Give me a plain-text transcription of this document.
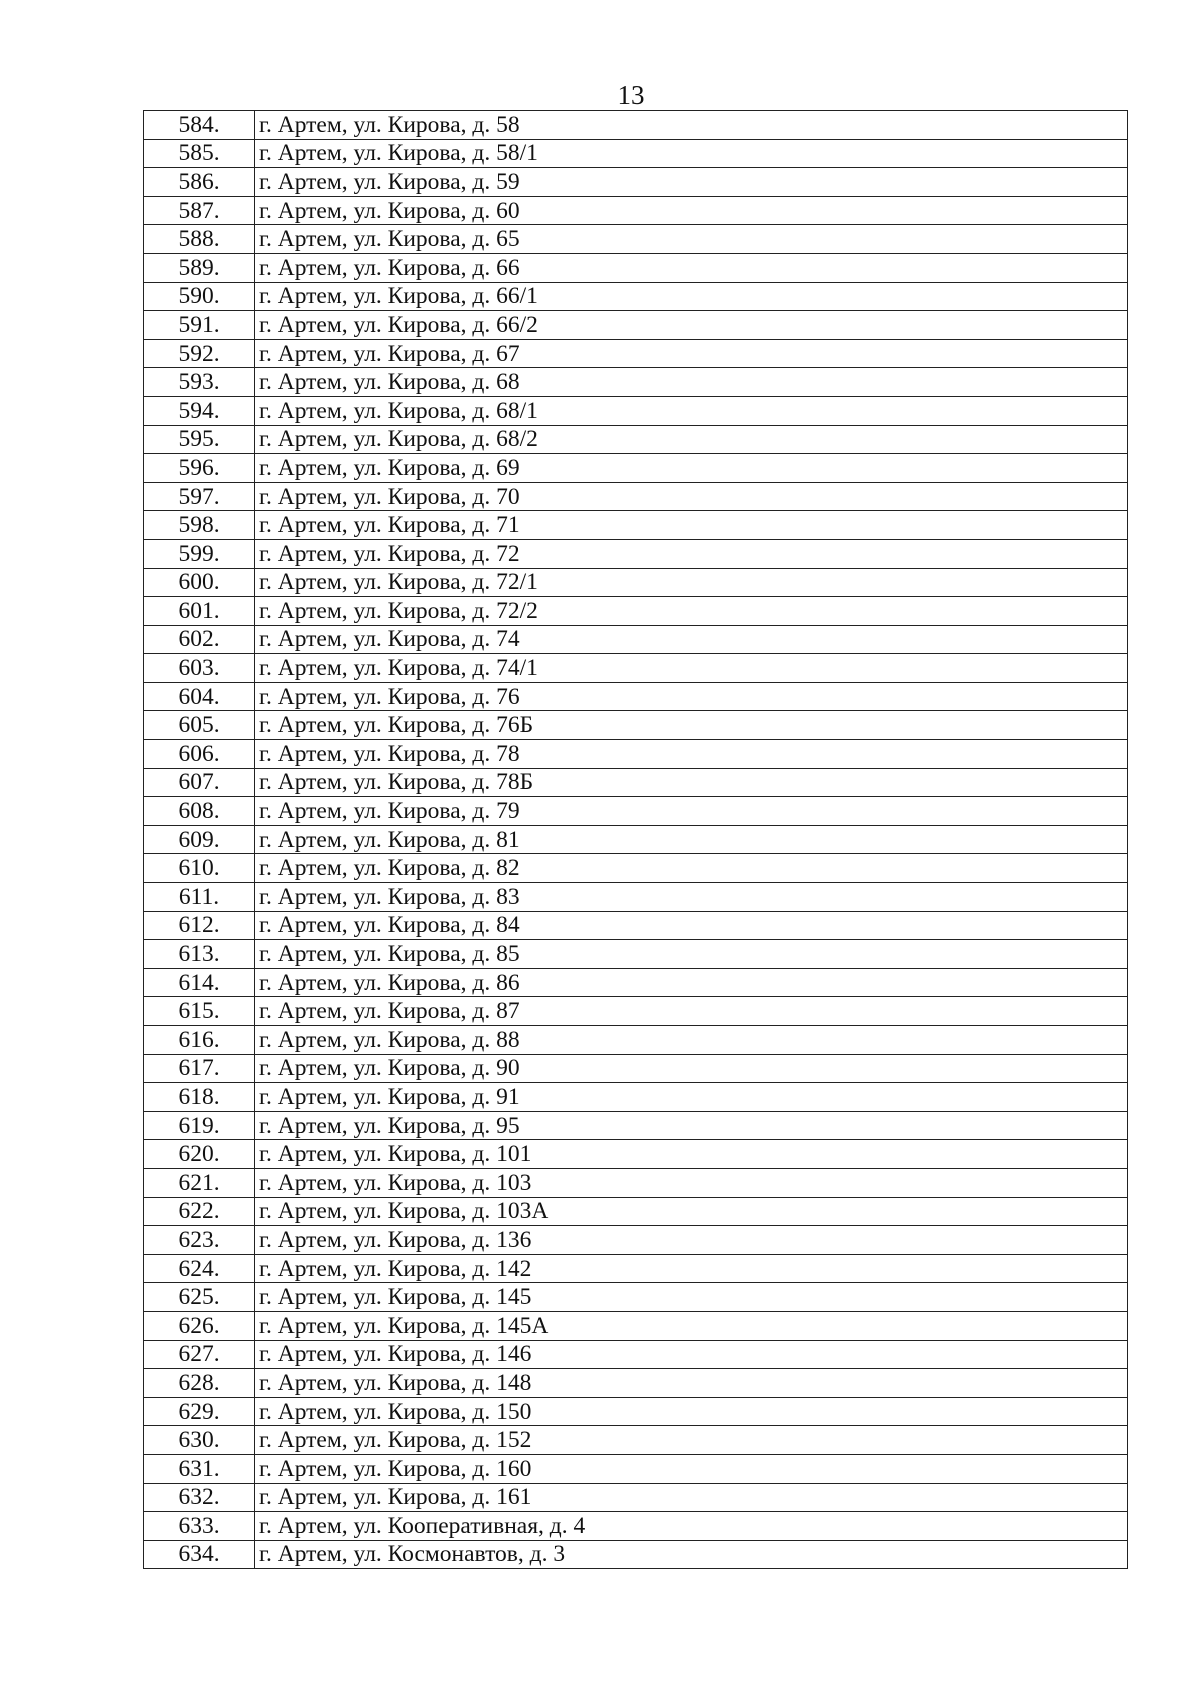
13
584.	г. Артем, ул. Кирова, д. 58
585.	г. Артем, ул. Кирова, д. 58/1
586.	г. Артем, ул. Кирова, д. 59
587.	г. Артем, ул. Кирова, д. 60
588.	г. Артем, ул. Кирова, д. 65
589.	г. Артем, ул. Кирова, д. 66
590.	г. Артем, ул. Кирова, д. 66/1
591.	г. Артем, ул. Кирова, д. 66/2
592.	г. Артем, ул. Кирова, д. 67
593.	г. Артем, ул. Кирова, д. 68
594.	г. Артем, ул. Кирова, д. 68/1
595.	г. Артем, ул. Кирова, д. 68/2
596.	г. Артем, ул. Кирова, д. 69
597.	г. Артем, ул. Кирова, д. 70
598.	г. Артем, ул. Кирова, д. 71
599.	г. Артем, ул. Кирова, д. 72
600.	г. Артем, ул. Кирова, д. 72/1
601.	г. Артем, ул. Кирова, д. 72/2
602.	г. Артем, ул. Кирова, д. 74
603.	г. Артем, ул. Кирова, д. 74/1
604.	г. Артем, ул. Кирова, д. 76
605.	г. Артем, ул. Кирова, д. 76Б
606.	г. Артем, ул. Кирова, д. 78
607.	г. Артем, ул. Кирова, д. 78Б
608.	г. Артем, ул. Кирова, д. 79
609.	г. Артем, ул. Кирова, д. 81
610.	г. Артем, ул. Кирова, д. 82
611.	г. Артем, ул. Кирова, д. 83
612.	г. Артем, ул. Кирова, д. 84
613.	г. Артем, ул. Кирова, д. 85
614.	г. Артем, ул. Кирова, д. 86
615.	г. Артем, ул. Кирова, д. 87
616.	г. Артем, ул. Кирова, д. 88
617.	г. Артем, ул. Кирова, д. 90
618.	г. Артем, ул. Кирова, д. 91
619.	г. Артем, ул. Кирова, д. 95
620.	г. Артем, ул. Кирова, д. 101
621.	г. Артем, ул. Кирова, д. 103
622.	г. Артем, ул. Кирова, д. 103А
623.	г. Артем, ул. Кирова, д. 136
624.	г. Артем, ул. Кирова, д. 142
625.	г. Артем, ул. Кирова, д. 145
626.	г. Артем, ул. Кирова, д. 145А
627.	г. Артем, ул. Кирова, д. 146
628.	г. Артем, ул. Кирова, д. 148
629.	г. Артем, ул. Кирова, д. 150
630.	г. Артем, ул. Кирова, д. 152
631.	г. Артем, ул. Кирова, д. 160
632.	г. Артем, ул. Кирова, д. 161
633.	г. Артем, ул. Кооперативная, д. 4
634.	г. Артем, ул. Космонавтов, д. 3
